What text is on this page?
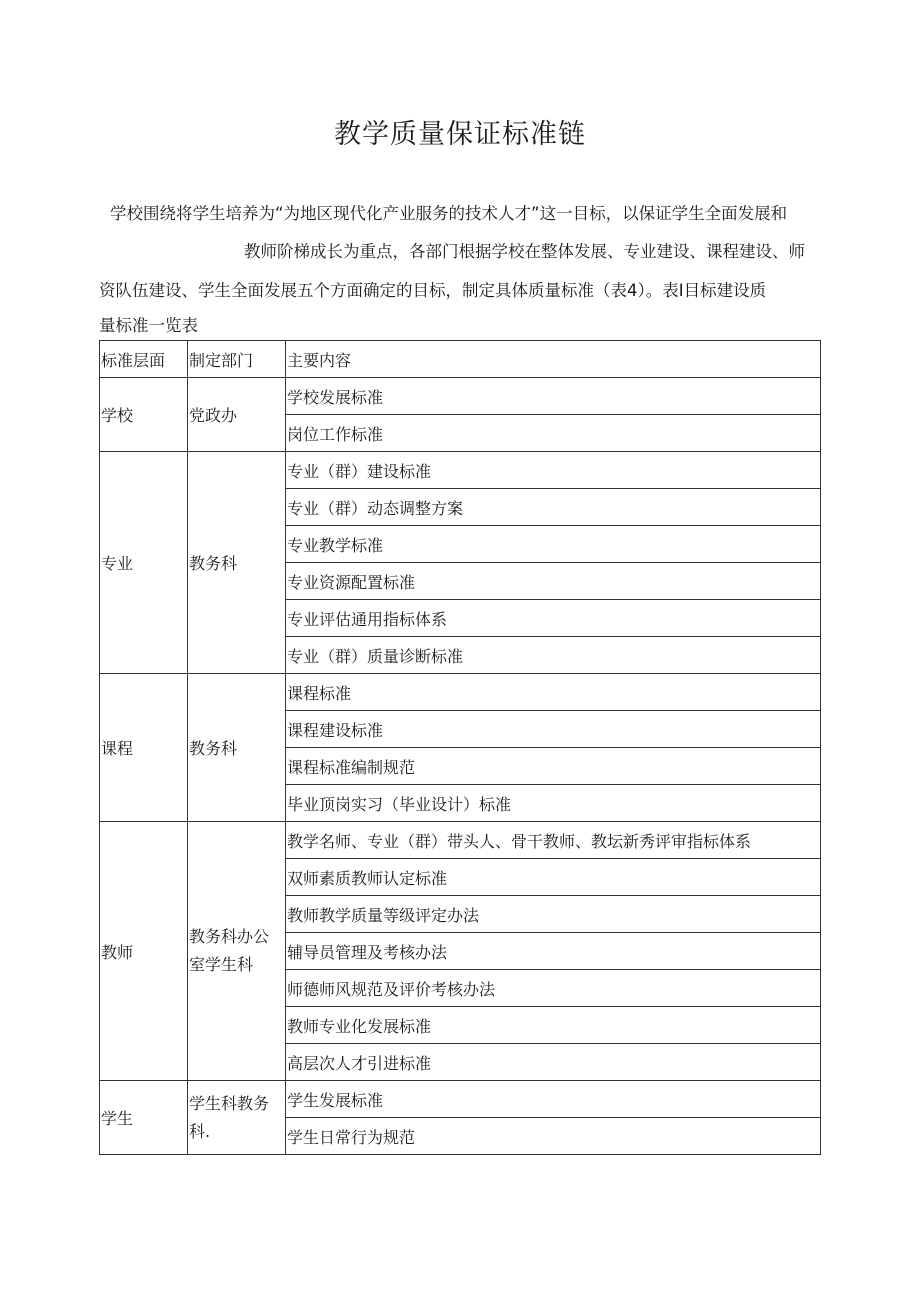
教学质量保证标准链
学校围绕将学生培养为“为地区现代化产业服务的技术人才”这一目标，以保证学生全面发展和
教师阶梯成长为重点，各部门根据学校在整体发展、专业建设、课程建设、师
资队伍建设、学生全面发展五个方面确定的目标，制定具体质量标准（表4）。表I目标建设质
量标准一览表
标准层面	制定部门	主要内容
学校	党政办	学校发展标准
		岗位工作标准
专业	教务科	专业（群）建设标准
		专业（群）动态调整方案
		专业教学标准
		专业资源配置标准
		专业评估通用指标体系
		专业（群）质量诊断标准
课程	教务科	课程标准
		课程建设标准
		课程标准编制规范
		毕业顶岗实习（毕业设计）标准
教师	教务科办公室学生科	教学名师、专业（群）带头人、骨干教师、教坛新秀评审指标体系
		双师素质教师认定标准
		教师教学质量等级评定办法
		辅导员管理及考核办法
		师德师风规范及评价考核办法
		教师专业化发展标准
		高层次人才引进标准
学生	学生科教务科.	学生发展标准
		学生日常行为规范
